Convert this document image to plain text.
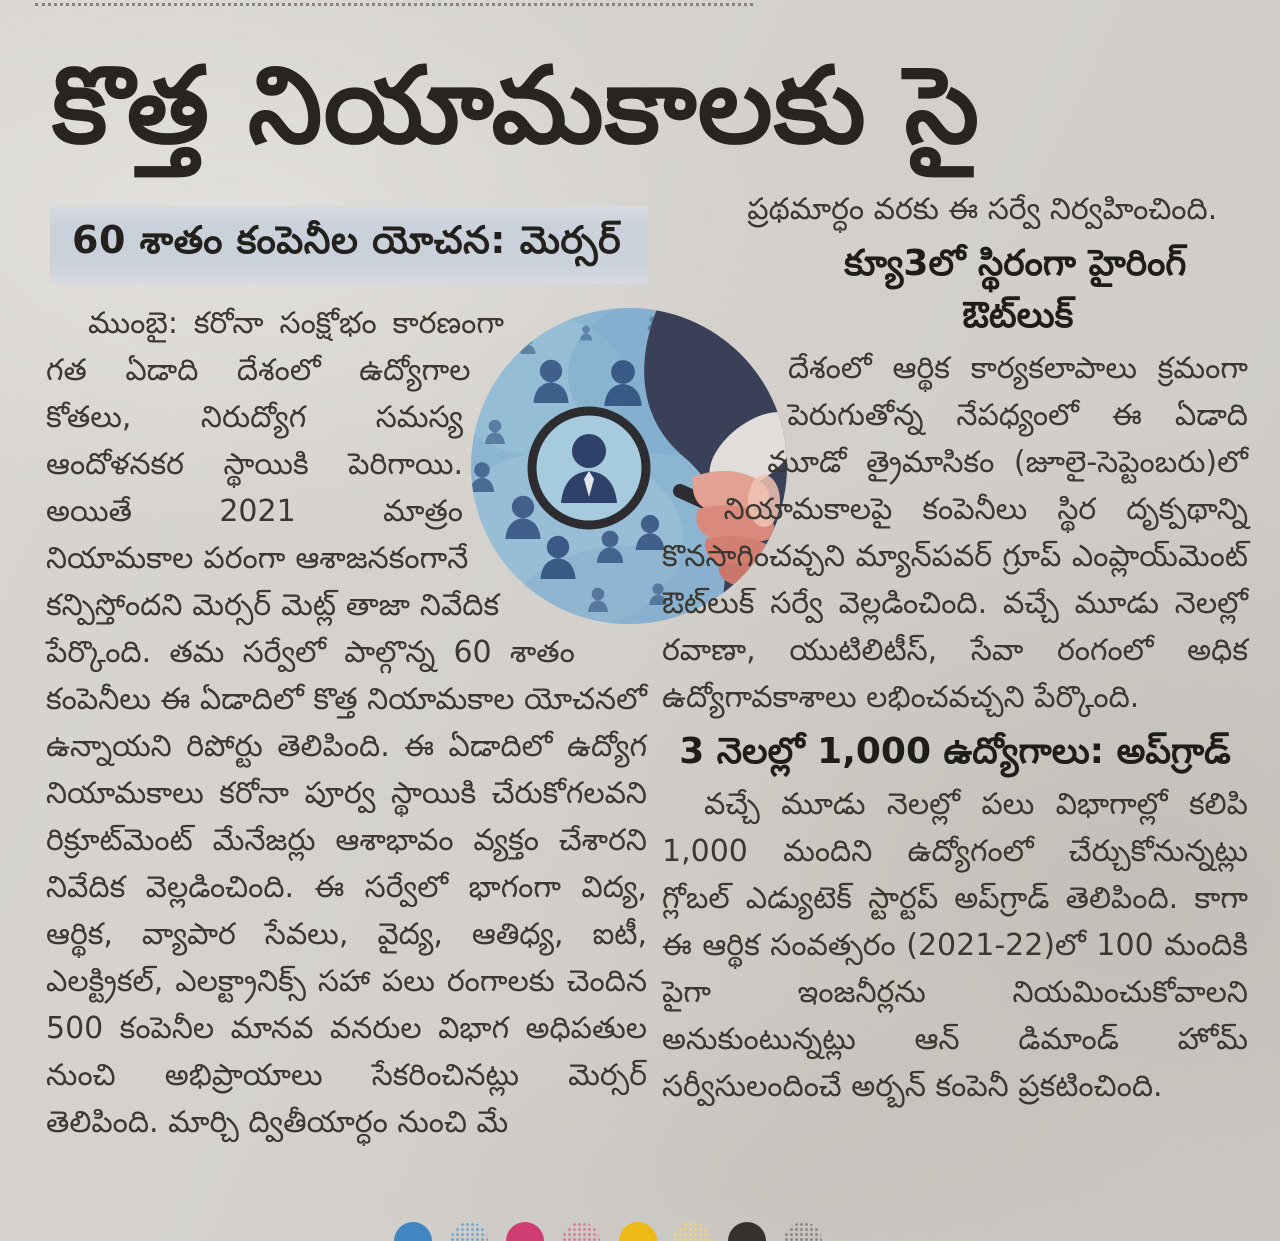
కొత్త నియామకాలకు సై
60 శాతం కంపెనీల యోచన: మెర్సర్

ముంబై: కరోనా సంక్షోభం కారణంగా గత ఏడాది దేశంలో ఉద్యోగాల కోతలు, నిరుద్యోగ సమస్య ఆందోళనకర స్థాయికి పెరిగాయి. అయితే 2021 మాత్రం నియామకాల పరంగా ఆశాజనకంగానే కన్పిస్తోందని మెర్సర్ మెట్ల్ తాజా నివేదిక పేర్కొంది. తమ సర్వేలో పాల్గొన్న 60 శాతం కంపెనీలు ఈ ఏడాదిలో కొత్త నియామకాల యోచనలో ఉన్నాయని రిపోర్టు తెలిపింది. ఈ ఏడాదిలో ఉద్యోగ నియామకాలు కరోనా పూర్వ స్థాయికి చేరుకోగలవని రిక్రూట్‌మెంట్ మేనేజర్లు ఆశాభావం వ్యక్తం చేశారని నివేదిక వెల్లడించింది. ఈ సర్వేలో భాగంగా విద్య, ఆర్థిక, వ్యాపార సేవలు, వైద్య, ఆతిధ్య, ఐటీ, ఎలక్ట్రికల్, ఎలక్ట్రానిక్స్ సహా పలు రంగాలకు చెందిన 500 కంపెనీల మానవ వనరుల విభాగ అధిపతుల నుంచి అభిప్రాయాలు సేకరించినట్లు మెర్సర్ తెలిపింది. మార్చి ద్వితీయార్ధం నుంచి మే

ప్రథమార్ధం వరకు ఈ సర్వే నిర్వహించింది.

క్యూ3లో స్థిరంగా హైరింగ్ ఔట్‌లుక్

దేశంలో ఆర్థిక కార్యకలాపాలు క్రమంగా పెరుగుతోన్న నేపధ్యంలో ఈ ఏడాది మూడో త్రైమాసికం (జూలై-సెప్టెంబరు)లో నియామకాలపై కంపెనీలు స్థిర దృక్పథాన్ని కొనసాగించవ్చని మ్యాన్‌పవర్ గ్రూప్ ఎంప్లాయ్‌మెంట్ ఔట్‌లుక్ సర్వే వెల్లడించింది. వచ్చే మూడు నెలల్లో రవాణా, యుటిలిటీస్, సేవా రంగంలో అధిక ఉద్యోగావకాశాలు లభించవచ్చని పేర్కొంది.

3 నెలల్లో 1,000 ఉద్యోగాలు: అప్‌గ్రాడ్

వచ్చే మూడు నెలల్లో పలు విభాగాల్లో కలిపి 1,000 మందిని ఉద్యోగంలో చేర్చుకోనున్నట్లు గ్లోబల్ ఎడ్యుటెక్ స్టార్టప్ అప్‌గ్రాడ్ తెలిపింది. కాగా ఈ ఆర్థిక సంవత్సరం (2021-22)లో 100 మందికి పైగా ఇంజనీర్లను నియమించుకోవాలని అనుకుంటున్నట్లు ఆన్ డిమాండ్ హోమ్ సర్వీసులందించే అర్బన్ కంపెనీ ప్రకటించింది.
